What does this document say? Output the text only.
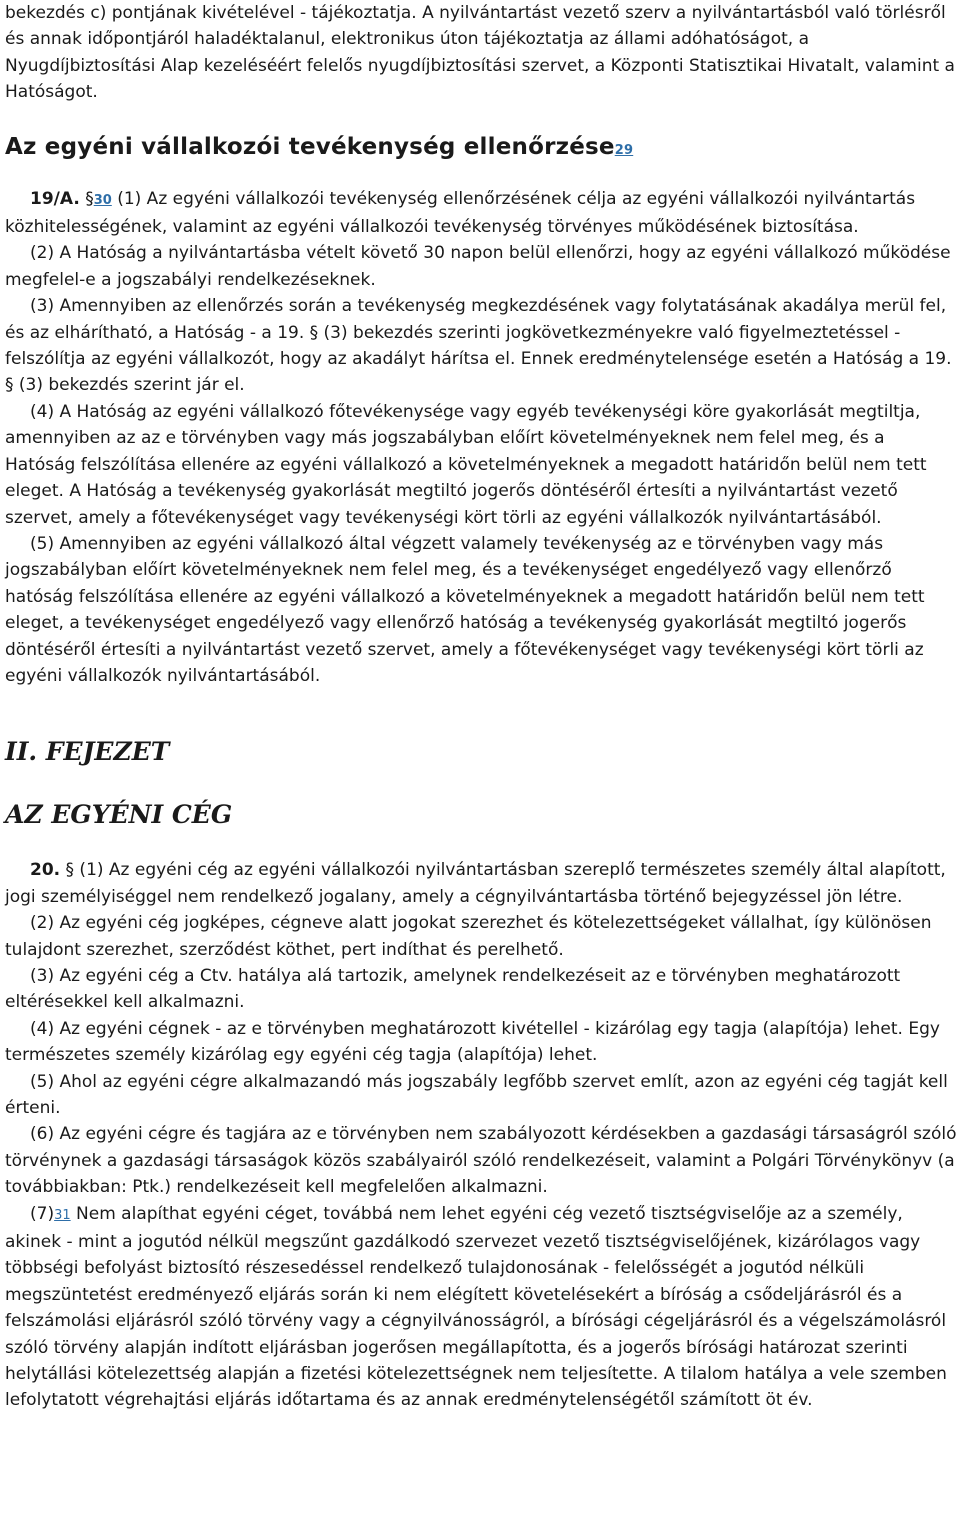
bekezdés c) pontjának kivételével - tájékoztatja. A nyilvántartást vezető szerv a nyilvántartásból való törlésről és annak időpontjáról haladéktalanul, elektronikus úton tájékoztatja az állami adóhatóságot, a Nyugdíjbiztosítási Alap kezeléséért felelős nyugdíjbiztosítási szervet, a Központi Statisztikai Hivatalt, valamint a Hatóságot.

Az egyéni vállalkozói tevékenység ellenőrzése29

19/A. §30 (1) Az egyéni vállalkozói tevékenység ellenőrzésének célja az egyéni vállalkozói nyilvántartás közhitelességének, valamint az egyéni vállalkozói tevékenység törvényes működésének biztosítása.

(2) A Hatóság a nyilvántartásba vételt követő 30 napon belül ellenőrzi, hogy az egyéni vállalkozó működése megfelel-e a jogszabályi rendelkezéseknek.

(3) Amennyiben az ellenőrzés során a tevékenység megkezdésének vagy folytatásának akadálya merül fel, és az elhárítható, a Hatóság - a 19. § (3) bekezdés szerinti jogkövetkezményekre való figyelmeztetéssel - felszólítja az egyéni vállalkozót, hogy az akadályt hárítsa el. Ennek eredménytelensége esetén a Hatóság a 19. § (3) bekezdés szerint jár el.

(4) A Hatóság az egyéni vállalkozó főtevékenysége vagy egyéb tevékenységi köre gyakorlását megtiltja, amennyiben az az e törvényben vagy más jogszabályban előírt követelményeknek nem felel meg, és a Hatóság felszólítása ellenére az egyéni vállalkozó a követelményeknek a megadott határidőn belül nem tett eleget. A Hatóság a tevékenység gyakorlását megtiltó jogerős döntéséről értesíti a nyilvántartást vezető szervet, amely a főtevékenységet vagy tevékenységi kört törli az egyéni vállalkozók nyilvántartásából.

(5) Amennyiben az egyéni vállalkozó által végzett valamely tevékenység az e törvényben vagy más jogszabályban előírt követelményeknek nem felel meg, és a tevékenységet engedélyező vagy ellenőrző hatóság felszólítása ellenére az egyéni vállalkozó a követelményeknek a megadott határidőn belül nem tett eleget, a tevékenységet engedélyező vagy ellenőrző hatóság a tevékenység gyakorlását megtiltó jogerős döntéséről értesíti a nyilvántartást vezető szervet, amely a főtevékenységet vagy tevékenységi kört törli az egyéni vállalkozók nyilvántartásából.

II. FEJEZET
AZ EGYÉNI CÉG

20. § (1) Az egyéni cég az egyéni vállalkozói nyilvántartásban szereplő természetes személy által alapított, jogi személyiséggel nem rendelkező jogalany, amely a cégnyilvántartásba történő bejegyzéssel jön létre.

(2) Az egyéni cég jogképes, cégneve alatt jogokat szerezhet és kötelezettségeket vállalhat, így különösen tulajdont szerezhet, szerződést köthet, pert indíthat és perelhető.

(3) Az egyéni cég a Ctv. hatálya alá tartozik, amelynek rendelkezéseit az e törvényben meghatározott eltérésekkel kell alkalmazni.

(4) Az egyéni cégnek - az e törvényben meghatározott kivétellel - kizárólag egy tagja (alapítója) lehet. Egy természetes személy kizárólag egy egyéni cég tagja (alapítója) lehet.

(5) Ahol az egyéni cégre alkalmazandó más jogszabály legfőbb szervet említ, azon az egyéni cég tagját kell érteni.

(6) Az egyéni cégre és tagjára az e törvényben nem szabályozott kérdésekben a gazdasági társaságról szóló törvénynek a gazdasági társaságok közös szabályairól szóló rendelkezéseit, valamint a Polgári Törvénykönyv (a továbbiakban: Ptk.) rendelkezéseit kell megfelelően alkalmazni.

(7)31 Nem alapíthat egyéni céget, továbbá nem lehet egyéni cég vezető tisztségviselője az a személy, akinek - mint a jogutód nélkül megszűnt gazdálkodó szervezet vezető tisztségviselőjének, kizárólagos vagy többségi befolyást biztosító részesedéssel rendelkező tulajdonosának - felelősségét a jogutód nélküli megszüntetést eredményező eljárás során ki nem elégített követelésekért a bíróság a csődeljárásról és a felszámolási eljárásról szóló törvény vagy a cégnyilvánosságról, a bírósági cégeljárásról és a végelszámolásról szóló törvény alapján indított eljárásban jogerősen megállapította, és a jogerős bírósági határozat szerinti helytállási kötelezettség alapján a fizetési kötelezettségnek nem teljesítette. A tilalom hatálya a vele szemben lefolytatott végrehajtási eljárás időtartama és az annak eredménytelenségétől számított öt év.
